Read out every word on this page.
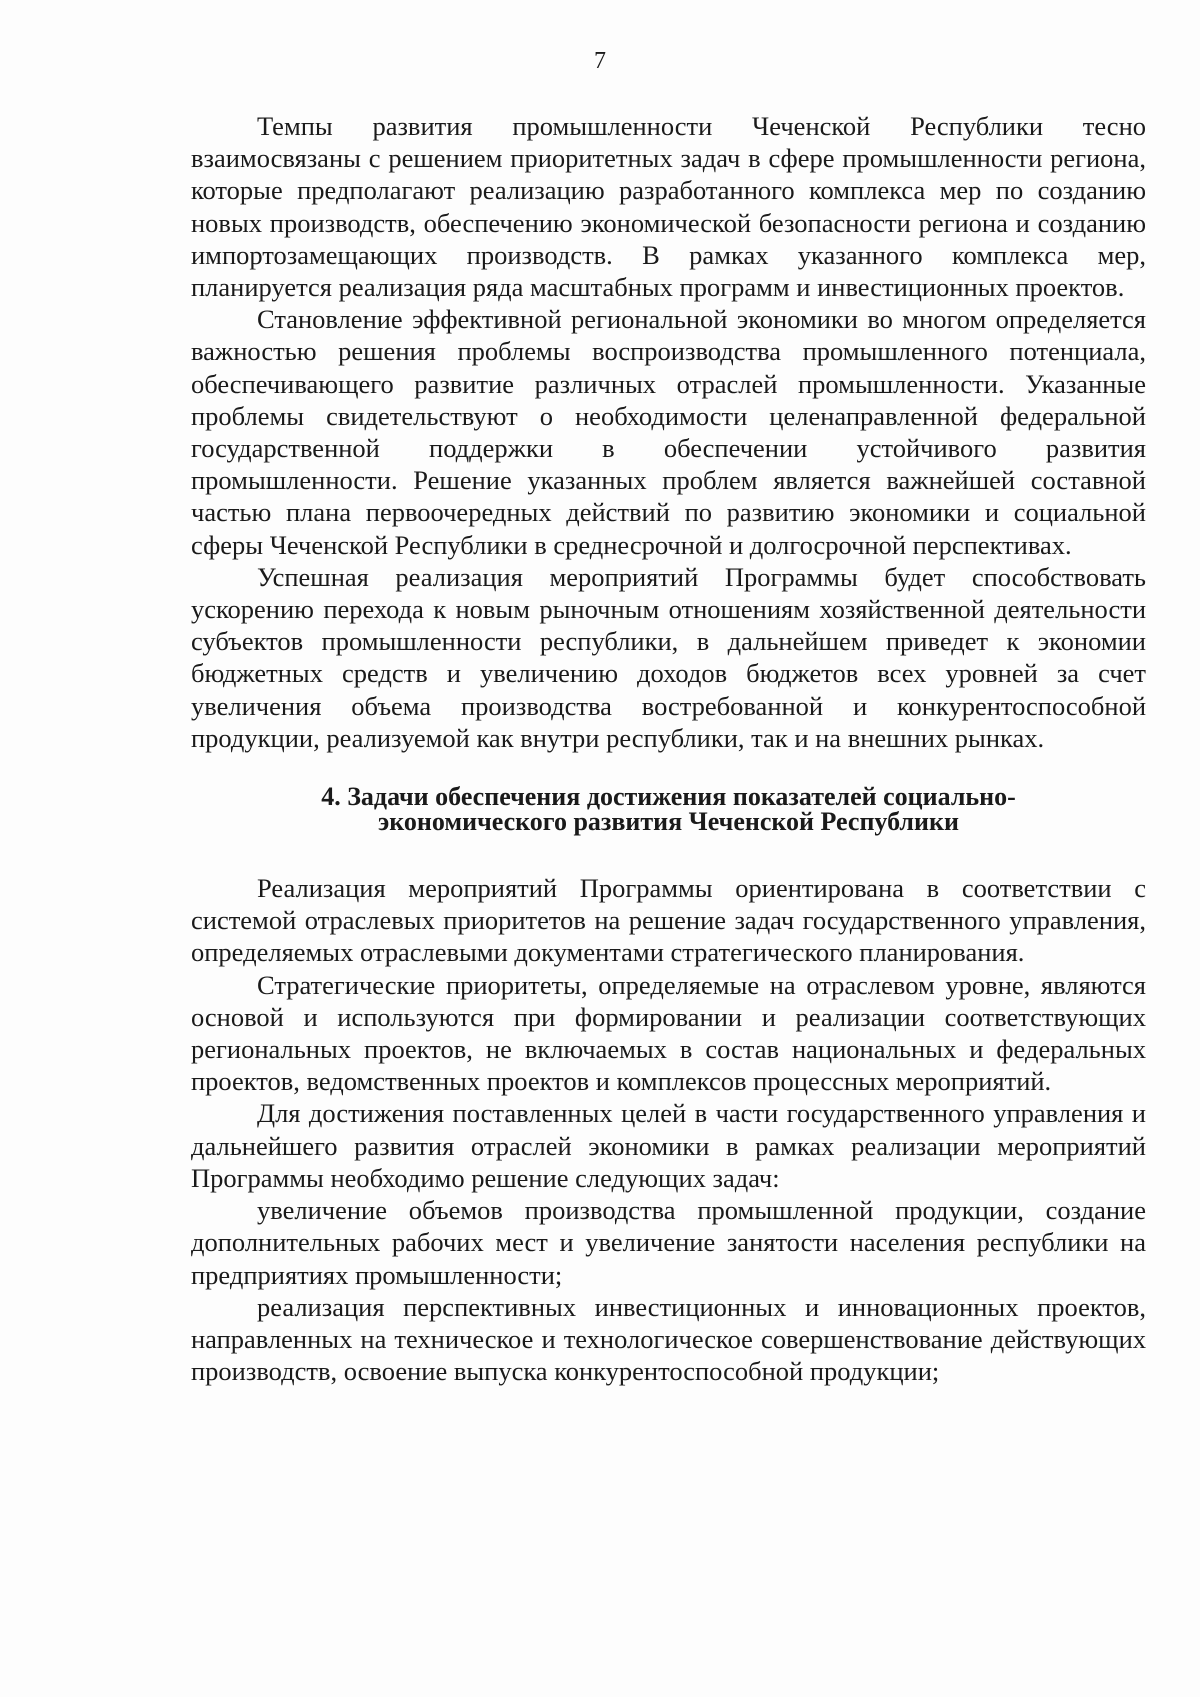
7

Темпы развития промышленности Чеченской Республики тесно взаимосвязаны с решением приоритетных задач в сфере промышленности региона, которые предполагают реализацию разработанного комплекса мер по созданию новых производств, обеспечению экономической безопасности региона и созданию импортозамещающих производств. В рамках указанного комплекса мер, планируется реализация ряда масштабных программ и инвестиционных проектов.

Становление эффективной региональной экономики во многом определяется важностью решения проблемы воспроизводства промышленного потенциала, обеспечивающего развитие различных отраслей промышленности. Указанные проблемы свидетельствуют о необходимости целенаправленной федеральной государственной поддержки в обеспечении устойчивого развития промышленности. Решение указанных проблем является важнейшей составной частью плана первоочередных действий по развитию экономики и социальной сферы Чеченской Республики в среднесрочной и долгосрочной перспективах.

Успешная реализация мероприятий Программы будет способствовать ускорению перехода к новым рыночным отношениям хозяйственной деятельности субъектов промышленности республики, в дальнейшем приведет к экономии бюджетных средств и увеличению доходов бюджетов всех уровней за счет увеличения объема производства востребованной и конкурентоспособной продукции, реализуемой как внутри республики, так и на внешних рынках.

4. Задачи обеспечения достижения показателей социально-
экономического развития Чеченской Республики

Реализация мероприятий Программы ориентирована в соответствии с системой отраслевых приоритетов на решение задач государственного управления, определяемых отраслевыми документами стратегического планирования.

Стратегические приоритеты, определяемые на отраслевом уровне, являются основой и используются при формировании и реализации соответствующих региональных проектов, не включаемых в состав национальных и федеральных проектов, ведомственных проектов и комплексов процессных мероприятий.

Для достижения поставленных целей в части государственного управления и дальнейшего развития отраслей экономики в рамках реализации мероприятий Программы необходимо решение следующих задач:

увеличение объемов производства промышленной продукции, создание дополнительных рабочих мест и увеличение занятости населения республики на предприятиях промышленности;

реализация перспективных инвестиционных и инновационных проектов, направленных на техническое и технологическое совершенствование действующих производств, освоение выпуска конкурентоспособной продукции;
